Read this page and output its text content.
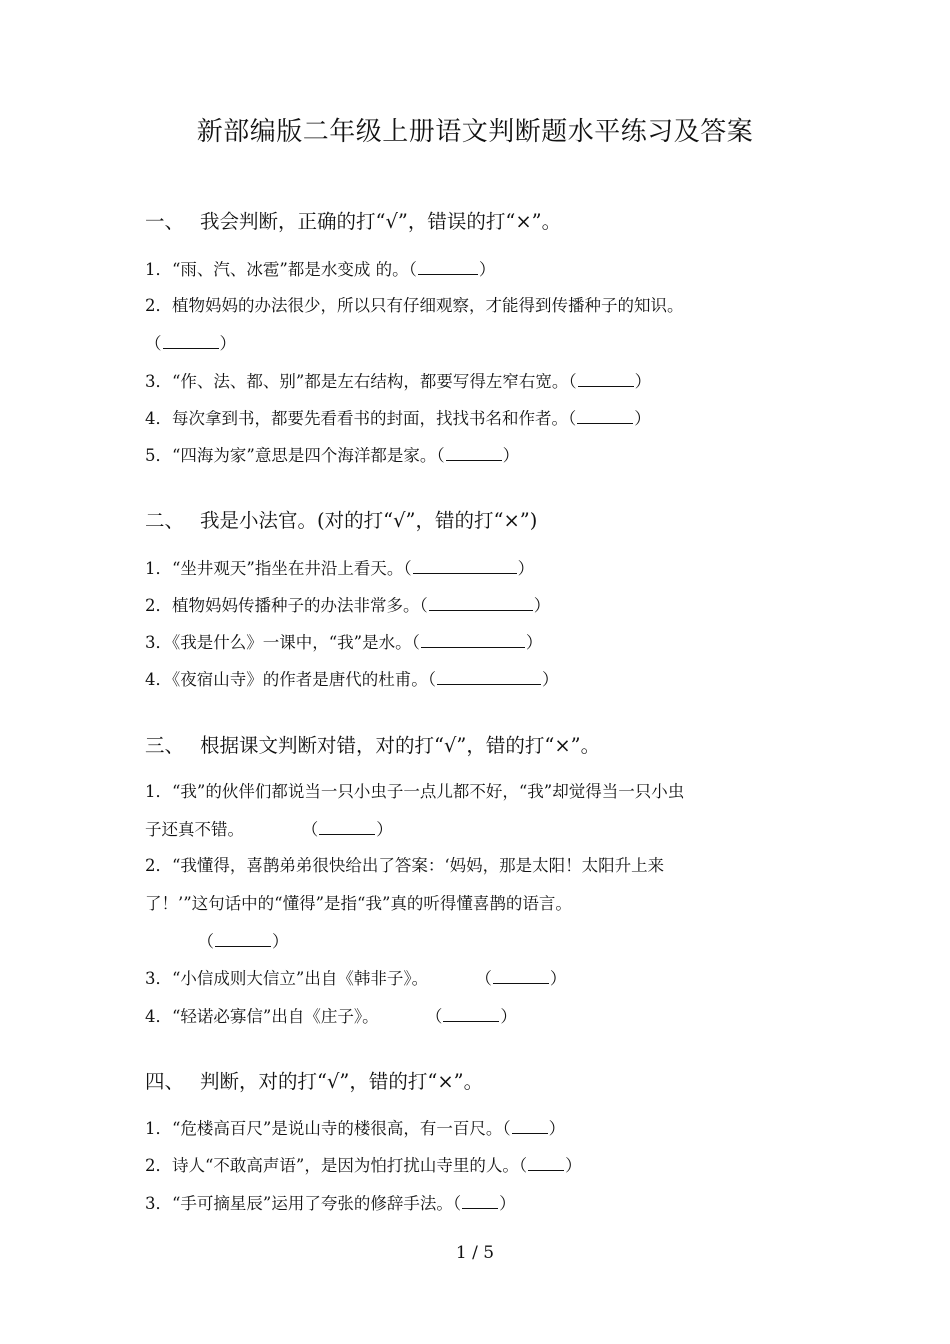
新部编版二年级上册语文判断题水平练习及答案
一、 我会判断，正确的打“√”，错误的打“×”。
1．“雨、汽、冰雹”都是水变成 的。（	）
2．植物妈妈的办法很少，所以只有仔细观察，才能得到传播种子的知识。
（	）
3．“作、法、都、别”都是左右结构，都要写得左窄右宽。（	）
4．每次拿到书，都要先看看书的封面，找找书名和作者。（	）
5．“四海为家”意思是四个海洋都是家。（	）
二、 我是小法官。(对的打“√”，错的打“×”)
1．“坐井观天”指坐在井沿上看天。（	）
2．植物妈妈传播种子的办法非常多。（	）
3．《我是什么》一课中，“我”是水。（	）
4．《夜宿山寺》的作者是唐代的杜甫。（	）
三、 根据课文判断对错，对的打“√”，错的打“×”。
1．“我”的伙伴们都说当一只小虫子一点儿都不好，“我”却觉得当一只小虫
子还真不错。           （	）
2．“我懂得，喜鹊弟弟很快给出了答案：‘妈妈，那是太阳！太阳升上来
了！’”这句话中的“懂得”是指“我”真的听得懂喜鹊的语言。
（	）
3．“小信成则大信立”出自《韩非子》。         （	）
4．“轻诺必寡信”出自《庄子》。         （	）
四、 判断，对的打“√”，错的打“×”。
1．“危楼高百尺”是说山寺的楼很高，有一百尺。（ ）
2．诗人“不敢高声语”，是因为怕打扰山寺里的人。（ ）
3．“手可摘星辰”运用了夸张的修辞手法。（ ）
1 / 5
